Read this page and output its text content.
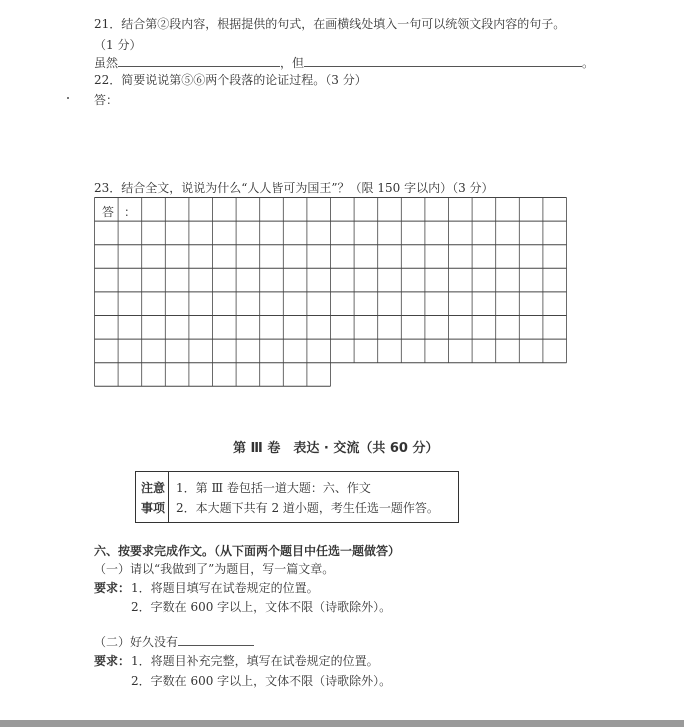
21．结合第②段内容，根据提供的句式，在画横线处填入一句可以统领文段内容的句子。
（1 分）
虽然	，但	。
22．简要说说第⑤⑥两个段落的论证过程。（3 分）
答：
23．结合全文，说说为什么“人人皆可为国王”？（限 150 字以内）（3 分）
答 ：
第 Ⅲ 卷　表达 · 交流（共 60 分）
注意
事项
1．第 Ⅲ 卷包括一道大题：六、作文
2．本大题下共有 2 道小题，考生任选一题作答。
六、按要求完成作文。（从下面两个题目中任选一题做答）
（一）请以“我做到了”为题目，写一篇文章。
要求： 1．将题目填写在试卷规定的位置。
2．字数在 600 字以上，文体不限（诗歌除外）。
（二）好久没有
要求： 1．将题目补充完整，填写在试卷规定的位置。
2．字数在 600 字以上，文体不限（诗歌除外）。
